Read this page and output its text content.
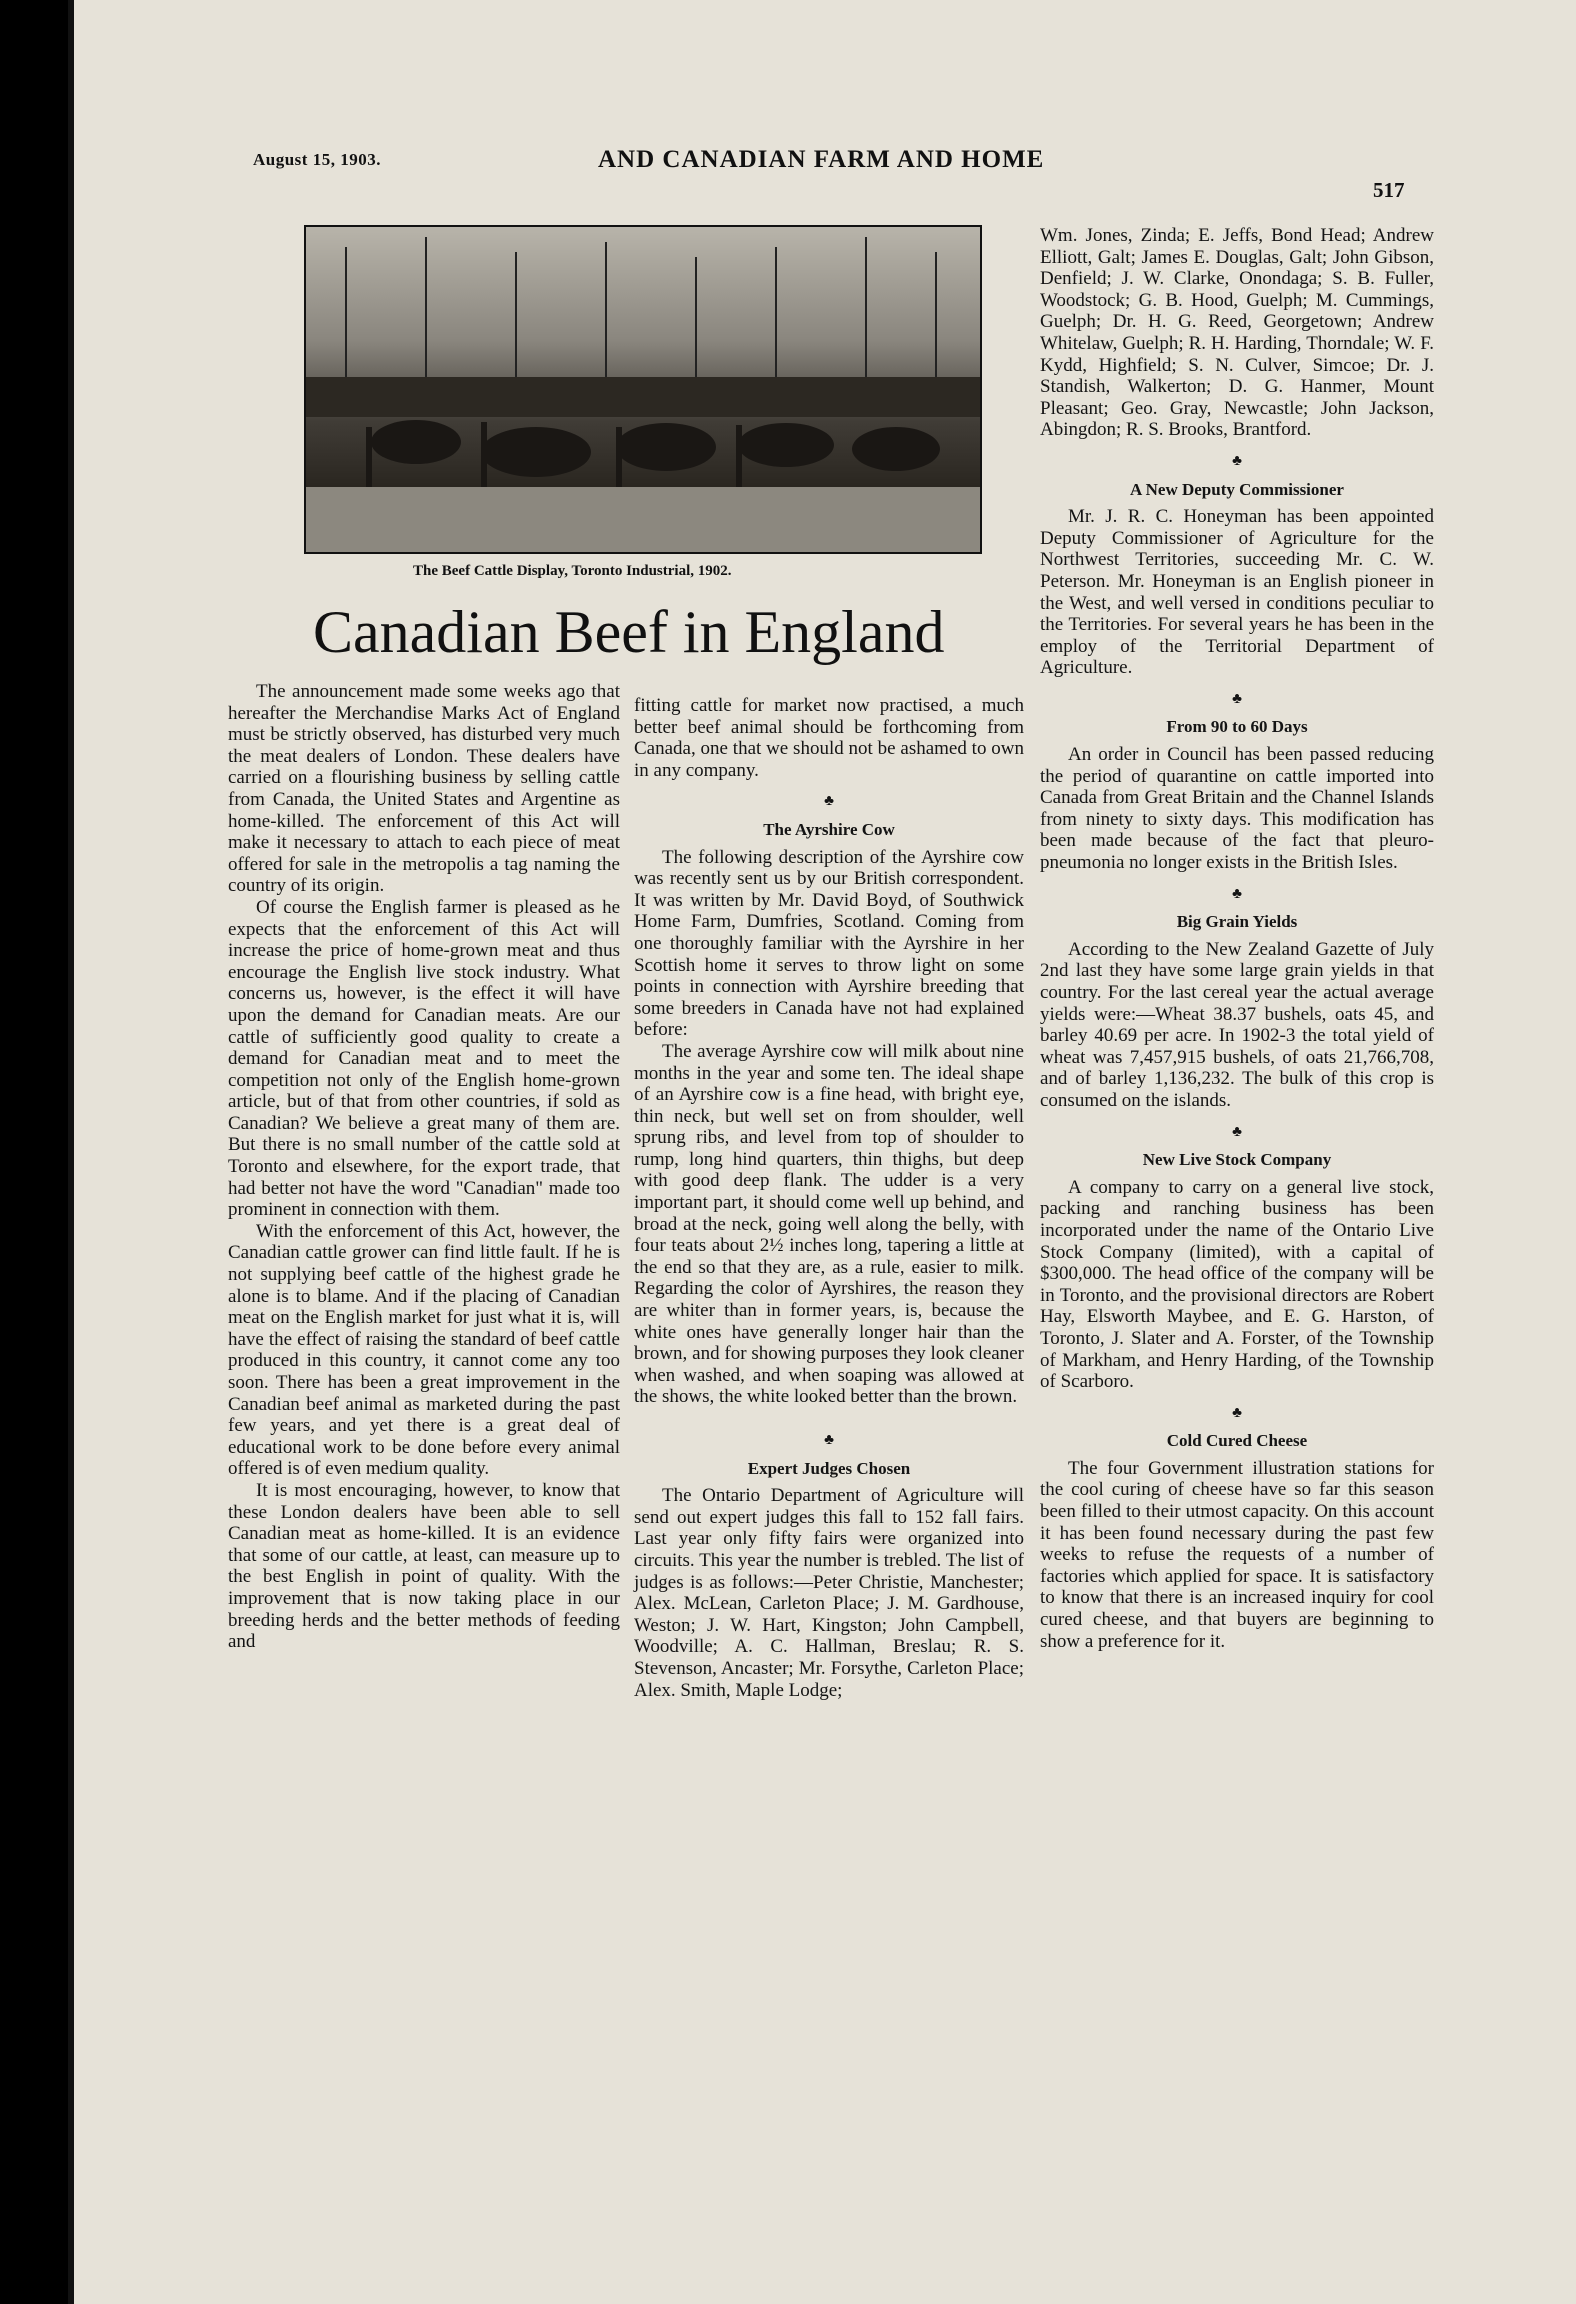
August 15, 1903.	AND CANADIAN FARM AND HOME
517
The Beef Cattle Display, Toronto Industrial, 1902.
Canadian Beef in England

The announcement made some weeks ago that hereafter the Merchandise Marks Act of England must be strictly observed, has disturbed very much the meat dealers of London. These dealers have carried on a flourishing business by selling cattle from Canada, the United States and Argentine as home-killed. The enforcement of this Act will make it necessary to attach to each piece of meat offered for sale in the metropolis a tag naming the country of its origin.

Of course the English farmer is pleased as he expects that the enforcement of this Act will increase the price of home-grown meat and thus encourage the English live stock industry. What concerns us, however, is the effect it will have upon the demand for Canadian meats. Are our cattle of sufficiently good quality to create a demand for Canadian meat and to meet the competition not only of the English home-grown article, but of that from other countries, if sold as Canadian? We believe a great many of them are. But there is no small number of the cattle sold at Toronto and elsewhere, for the export trade, that had better not have the word "Canadian" made too prominent in connection with them.

With the enforcement of this Act, however, the Canadian cattle grower can find little fault. If he is not supplying beef cattle of the highest grade he alone is to blame. And if the placing of Canadian meat on the English market for just what it is, will have the effect of raising the standard of beef cattle produced in this country, it cannot come any too soon. There has been a great improvement in the Canadian beef animal as marketed during the past few years, and yet there is a great deal of educational work to be done before every animal offered is of even medium quality.

It is most encouraging, however, to know that these London dealers have been able to sell Canadian meat as home-killed. It is an evidence that some of our cattle, at least, can measure up to the best English in point of quality. With the improvement that is now taking place in our breeding herds and the better methods of feeding and

fitting cattle for market now practised, a much better beef animal should be forthcoming from Canada, one that we should not be ashamed to own in any company.

♣
The Ayrshire Cow

The following description of the Ayrshire cow was recently sent us by our British correspondent. It was written by Mr. David Boyd, of Southwick Home Farm, Dumfries, Scotland. Coming from one thoroughly familiar with the Ayrshire in her Scottish home it serves to throw light on some points in connection with Ayrshire breeding that some breeders in Canada have not had explained before:

The average Ayrshire cow will milk about nine months in the year and some ten. The ideal shape of an Ayrshire cow is a fine head, with bright eye, thin neck, but well set on from shoulder, well sprung ribs, and level from top of shoulder to rump, long hind quarters, thin thighs, but deep with good deep flank. The udder is a very important part, it should come well up behind, and broad at the neck, going well along the belly, with four teats about 2½ inches long, tapering a little at the end so that they are, as a rule, easier to milk. Regarding the color of Ayrshires, the reason they are whiter than in former years, is, because the white ones have generally longer hair than the brown, and for showing purposes they look cleaner when washed, and when soaping was allowed at the shows, the white looked better than the brown.

♣
Expert Judges Chosen

The Ontario Department of Agriculture will send out expert judges this fall to 152 fall fairs. Last year only fifty fairs were organized into circuits. This year the number is trebled. The list of judges is as follows:—Peter Christie, Manchester; Alex. McLean, Carleton Place; J. M. Gardhouse, Weston; J. W. Hart, Kingston; John Campbell, Woodville; A. C. Hallman, Breslau; R. S. Stevenson, Ancaster; Mr. Forsythe, Carleton Place; Alex. Smith, Maple Lodge;

Wm. Jones, Zinda; E. Jeffs, Bond Head; Andrew Elliott, Galt; James E. Douglas, Galt; John Gibson, Denfield; J. W. Clarke, Onondaga; S. B. Fuller, Woodstock; G. B. Hood, Guelph; M. Cummings, Guelph; Dr. H. G. Reed, Georgetown; Andrew Whitelaw, Guelph; R. H. Harding, Thorndale; W. F. Kydd, Highfield; S. N. Culver, Simcoe; Dr. J. Standish, Walkerton; D. G. Hanmer, Mount Pleasant; Geo. Gray, Newcastle; John Jackson, Abingdon; R. S. Brooks, Brantford.

♣
A New Deputy Commissioner

Mr. J. R. C. Honeyman has been appointed Deputy Commissioner of Agriculture for the Northwest Territories, succeeding Mr. C. W. Peterson. Mr. Honeyman is an English pioneer in the West, and well versed in conditions peculiar to the Territories. For several years he has been in the employ of the Territorial Department of Agriculture.

♣
From 90 to 60 Days

An order in Council has been passed reducing the period of quarantine on cattle imported into Canada from Great Britain and the Channel Islands from ninety to sixty days. This modification has been made because of the fact that pleuro-pneumonia no longer exists in the British Isles.

♣
Big Grain Yields

According to the New Zealand Gazette of July 2nd last they have some large grain yields in that country. For the last cereal year the actual average yields were:—Wheat 38.37 bushels, oats 45, and barley 40.69 per acre. In 1902-3 the total yield of wheat was 7,457,915 bushels, of oats 21,766,708, and of barley 1,136,232. The bulk of this crop is consumed on the islands.

♣
New Live Stock Company

A company to carry on a general live stock, packing and ranching business has been incorporated under the name of the Ontario Live Stock Company (limited), with a capital of $300,000. The head office of the company will be in Toronto, and the provisional directors are Robert Hay, Elsworth Maybee, and E. G. Harston, of Toronto, J. Slater and A. Forster, of the Township of Markham, and Henry Harding, of the Township of Scarboro.

♣
Cold Cured Cheese

The four Government illustration stations for the cool curing of cheese have so far this season been filled to their utmost capacity. On this account it has been found necessary during the past few weeks to refuse the requests of a number of factories which applied for space. It is satisfactory to know that there is an increased inquiry for cool cured cheese, and that buyers are beginning to show a preference for it.
